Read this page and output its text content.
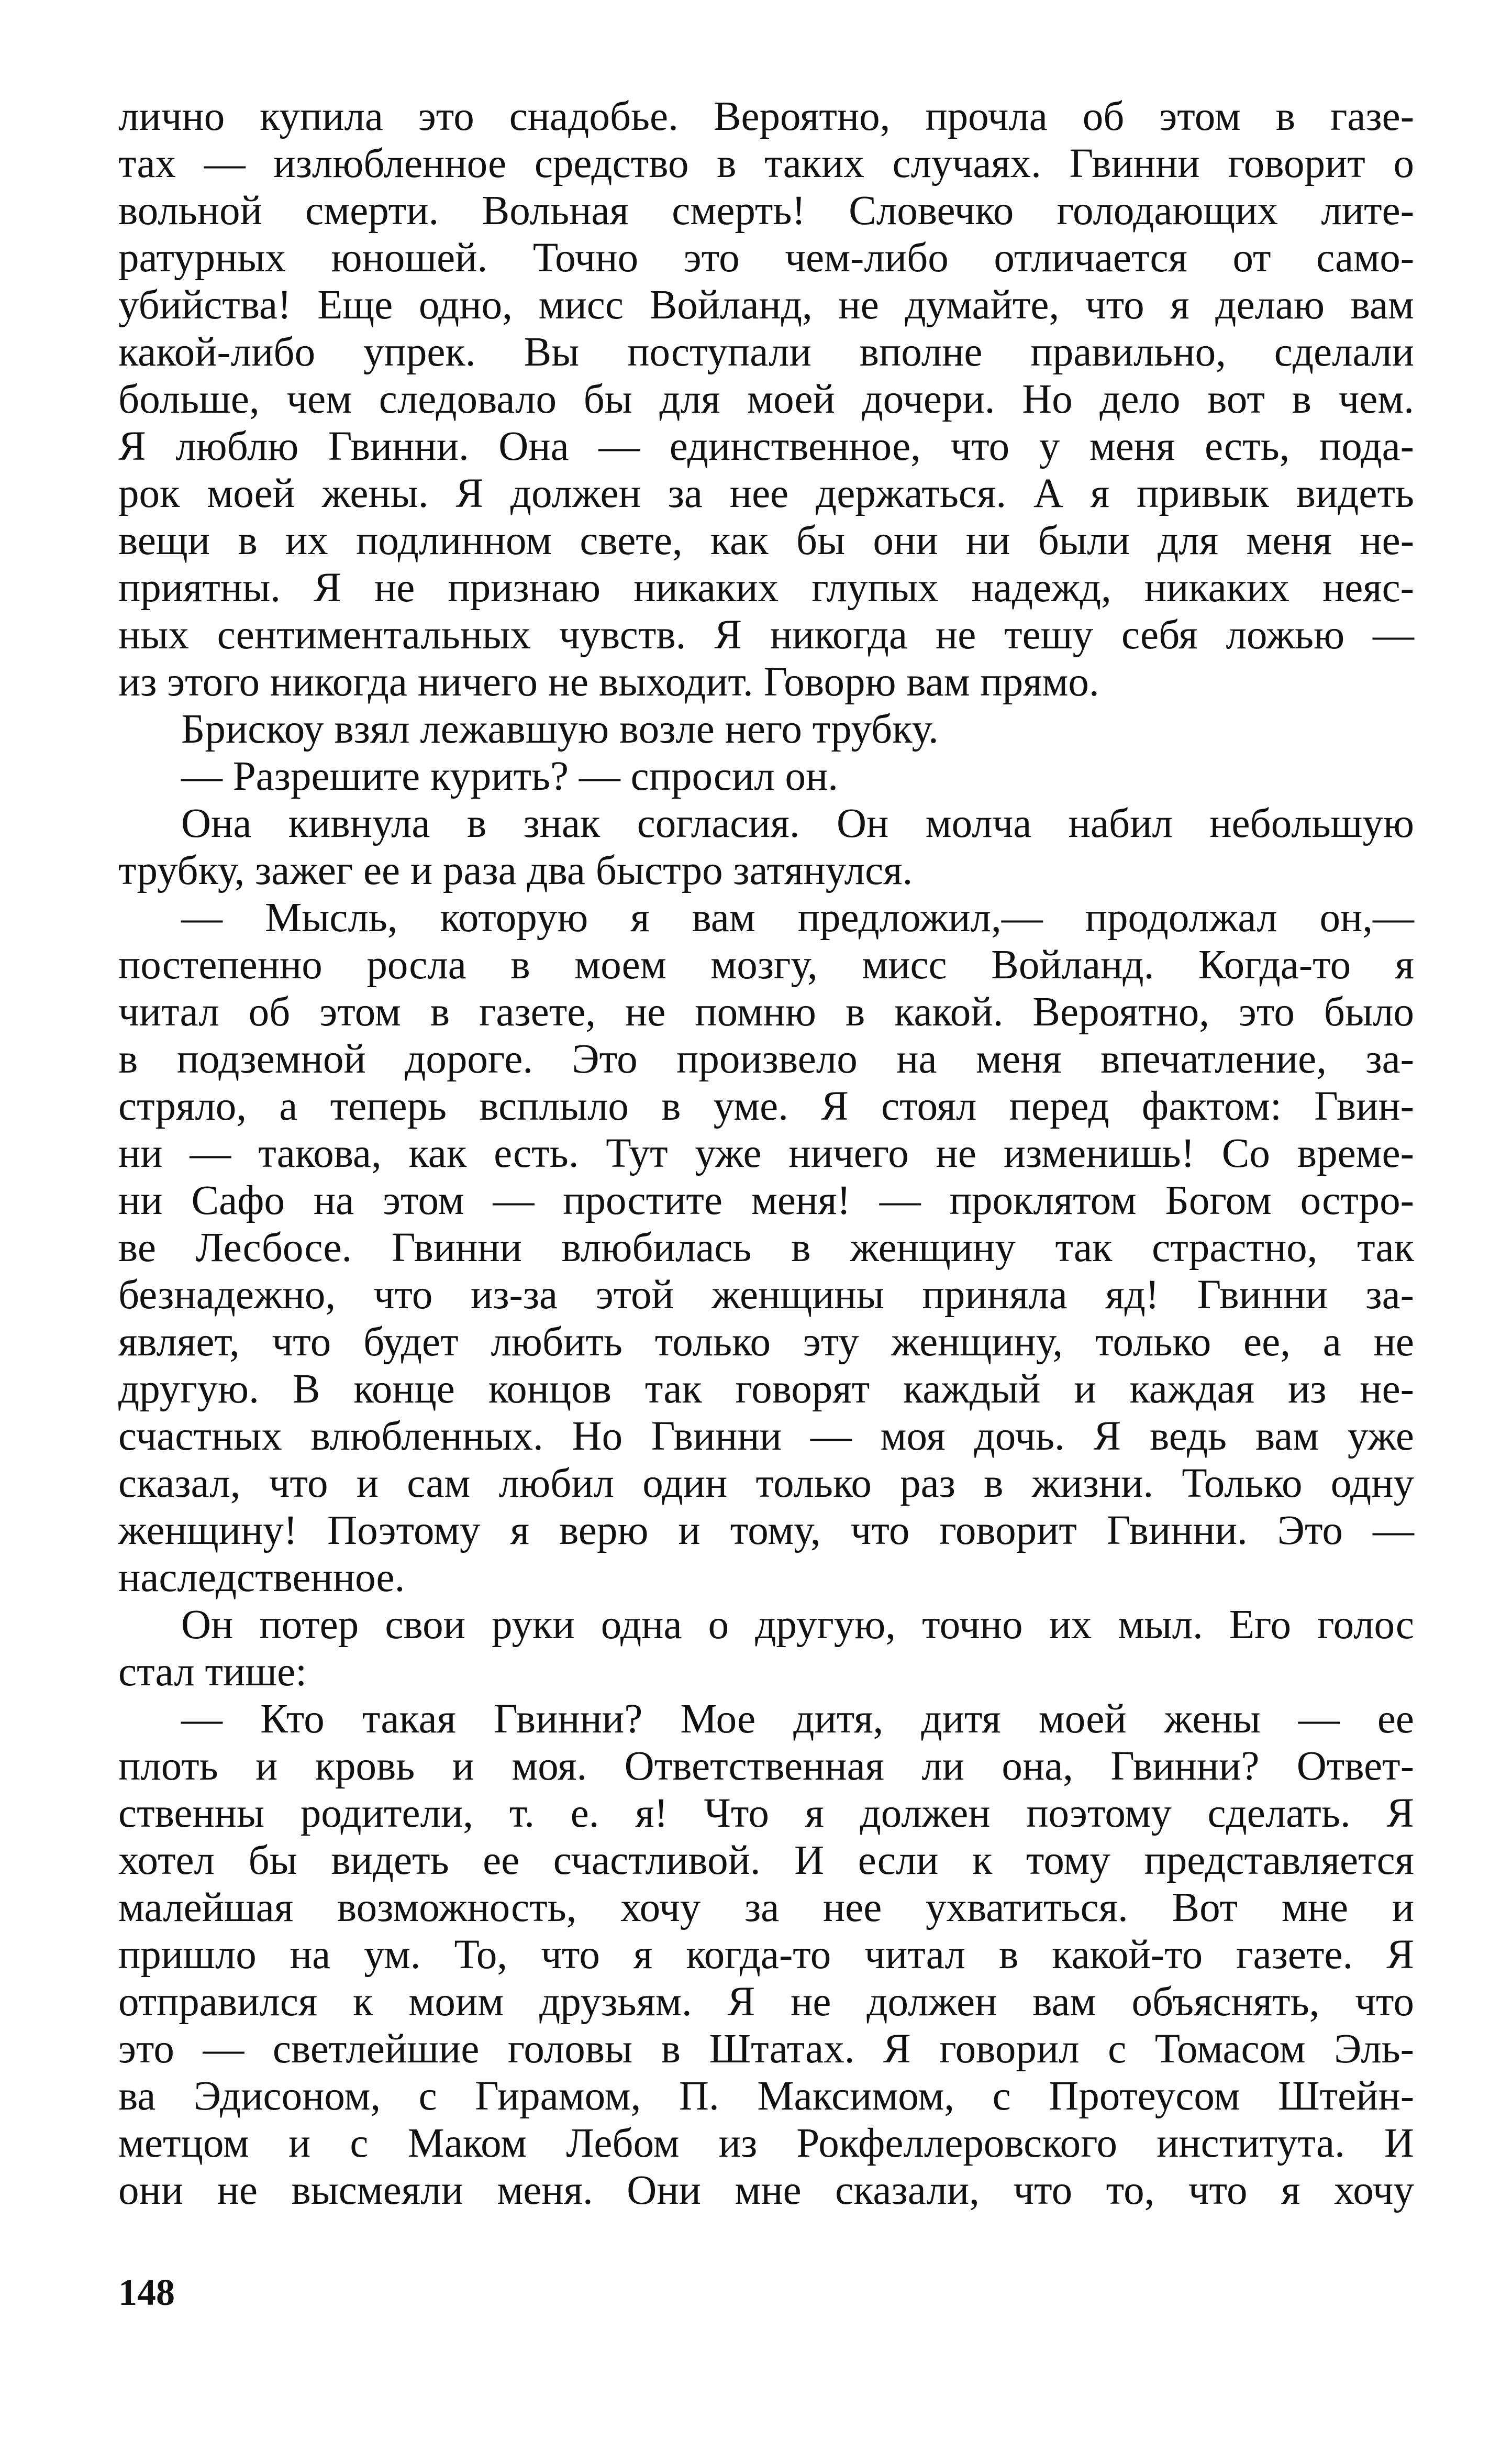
лично купила это снадобье. Вероятно, прочла об этом в газе-
тах — излюбленное средство в таких случаях. Гвинни говорит о
вольной смерти. Вольная смерть! Словечко голодающих лите-
ратурных юношей. Точно это чем-либо отличается от само-
убийства! Еще одно, мисс Войланд, не думайте, что я делаю вам
какой-либо упрек. Вы поступали вполне правильно, сделали
больше, чем следовало бы для моей дочери. Но дело вот в чем.
Я люблю Гвинни. Она — единственное, что у меня есть, пода-
рок моей жены. Я должен за нее держаться. А я привык видеть
вещи в их подлинном свете, как бы они ни были для меня не-
приятны. Я не признаю никаких глупых надежд, никаких неяс-
ных сентиментальных чувств. Я никогда не тешу себя ложью —
из этого никогда ничего не выходит. Говорю вам прямо.
Брискоу взял лежавшую возле него трубку.
— Разрешите курить? — спросил он.
Она кивнула в знак согласия. Он молча набил небольшую
трубку, зажег ее и раза два быстро затянулся.
— Мысль, которую я вам предложил,— продолжал он,—
постепенно росла в моем мозгу, мисс Войланд. Когда-то я
читал об этом в газете, не помню в какой. Вероятно, это было
в подземной дороге. Это произвело на меня впечатление, за-
стряло, а теперь всплыло в уме. Я стоял перед фактом: Гвин-
ни — такова, как есть. Тут уже ничего не изменишь! Со време-
ни Сафо на этом — простите меня! — проклятом Богом остро-
ве Лесбосе. Гвинни влюбилась в женщину так страстно, так
безнадежно, что из-за этой женщины приняла яд! Гвинни за-
являет, что будет любить только эту женщину, только ее, а не
другую. В конце концов так говорят каждый и каждая из не-
счастных влюбленных. Но Гвинни — моя дочь. Я ведь вам уже
сказал, что и сам любил один только раз в жизни. Только одну
женщину! Поэтому я верю и тому, что говорит Гвинни. Это —
наследственное.
Он потер свои руки одна о другую, точно их мыл. Его голос
стал тише:
— Кто такая Гвинни? Мое дитя, дитя моей жены — ее
плоть и кровь и моя. Ответственная ли она, Гвинни? Ответ-
ственны родители, т. е. я! Что я должен поэтому сделать. Я
хотел бы видеть ее счастливой. И если к тому представляется
малейшая возможность, хочу за нее ухватиться. Вот мне и
пришло на ум. То, что я когда-то читал в какой-то газете. Я
отправился к моим друзьям. Я не должен вам объяснять, что
это — светлейшие головы в Штатах. Я говорил с Томасом Эль-
ва Эдисоном, с Гирамом, П. Максимом, с Протеусом Штейн-
метцом и с Маком Лебом из Рокфеллеровского института. И
они не высмеяли меня. Они мне сказали, что то, что я хочу
148
